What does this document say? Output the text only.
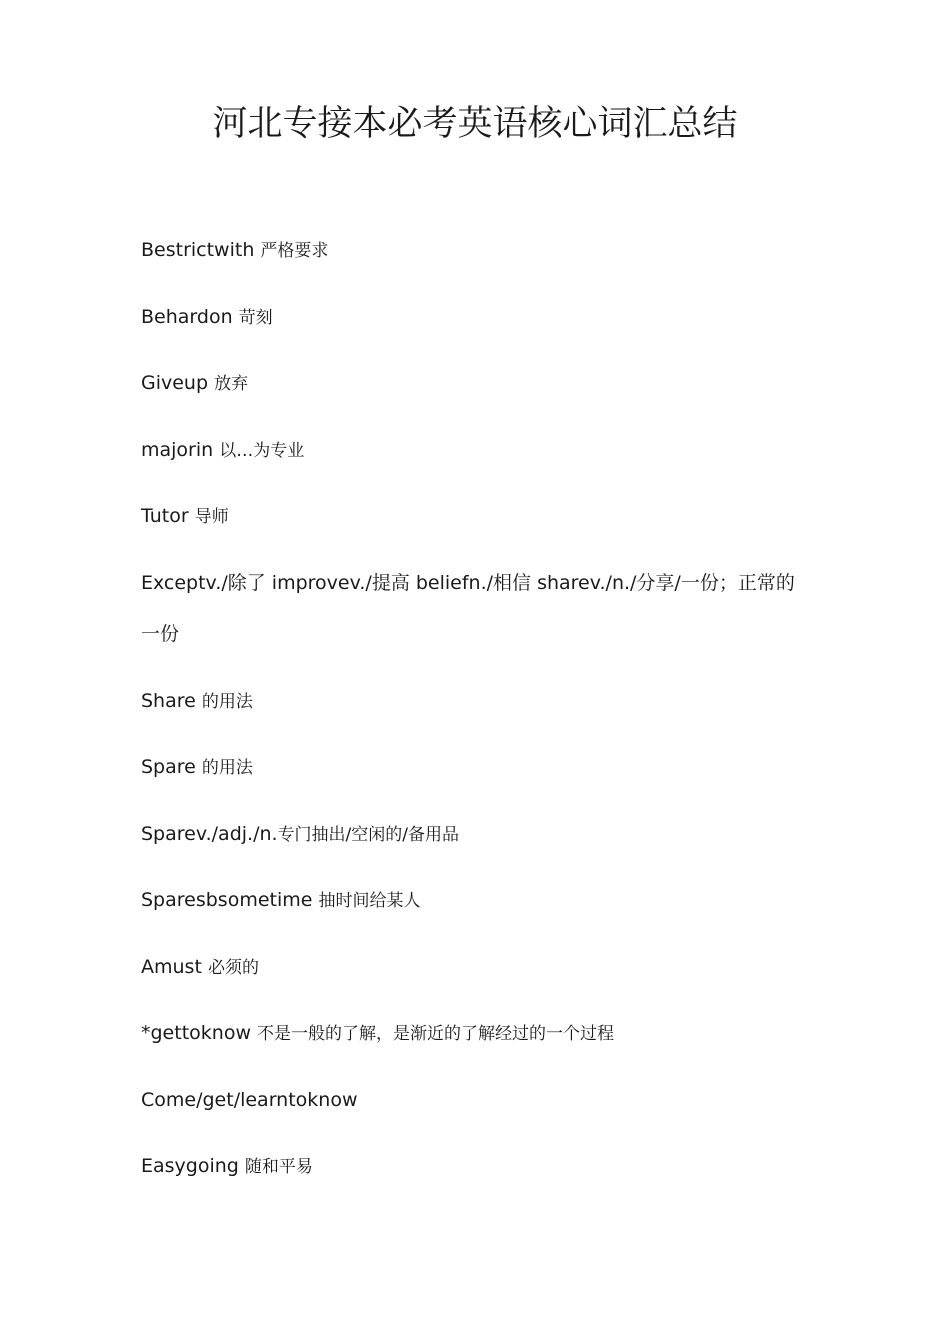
河北专接本必考英语核心词汇总结

Bestrictwith 严格要求

Behardon 苛刻

Giveup 放弃

majorin 以…为专业

Tutor 导师

Exceptv./除了 improvev./提高 beliefn./相信 sharev./n./分享/一份；正常的一份

Share 的用法

Spare 的用法

Sparev./adj./n.专门抽出/空闲的/备用品

Sparesbsometime 抽时间给某人

Amust 必须的

*gettoknow 不是一般的了解，是渐近的了解经过的一个过程

Come/get/learntoknow

Easygoing 随和平易
